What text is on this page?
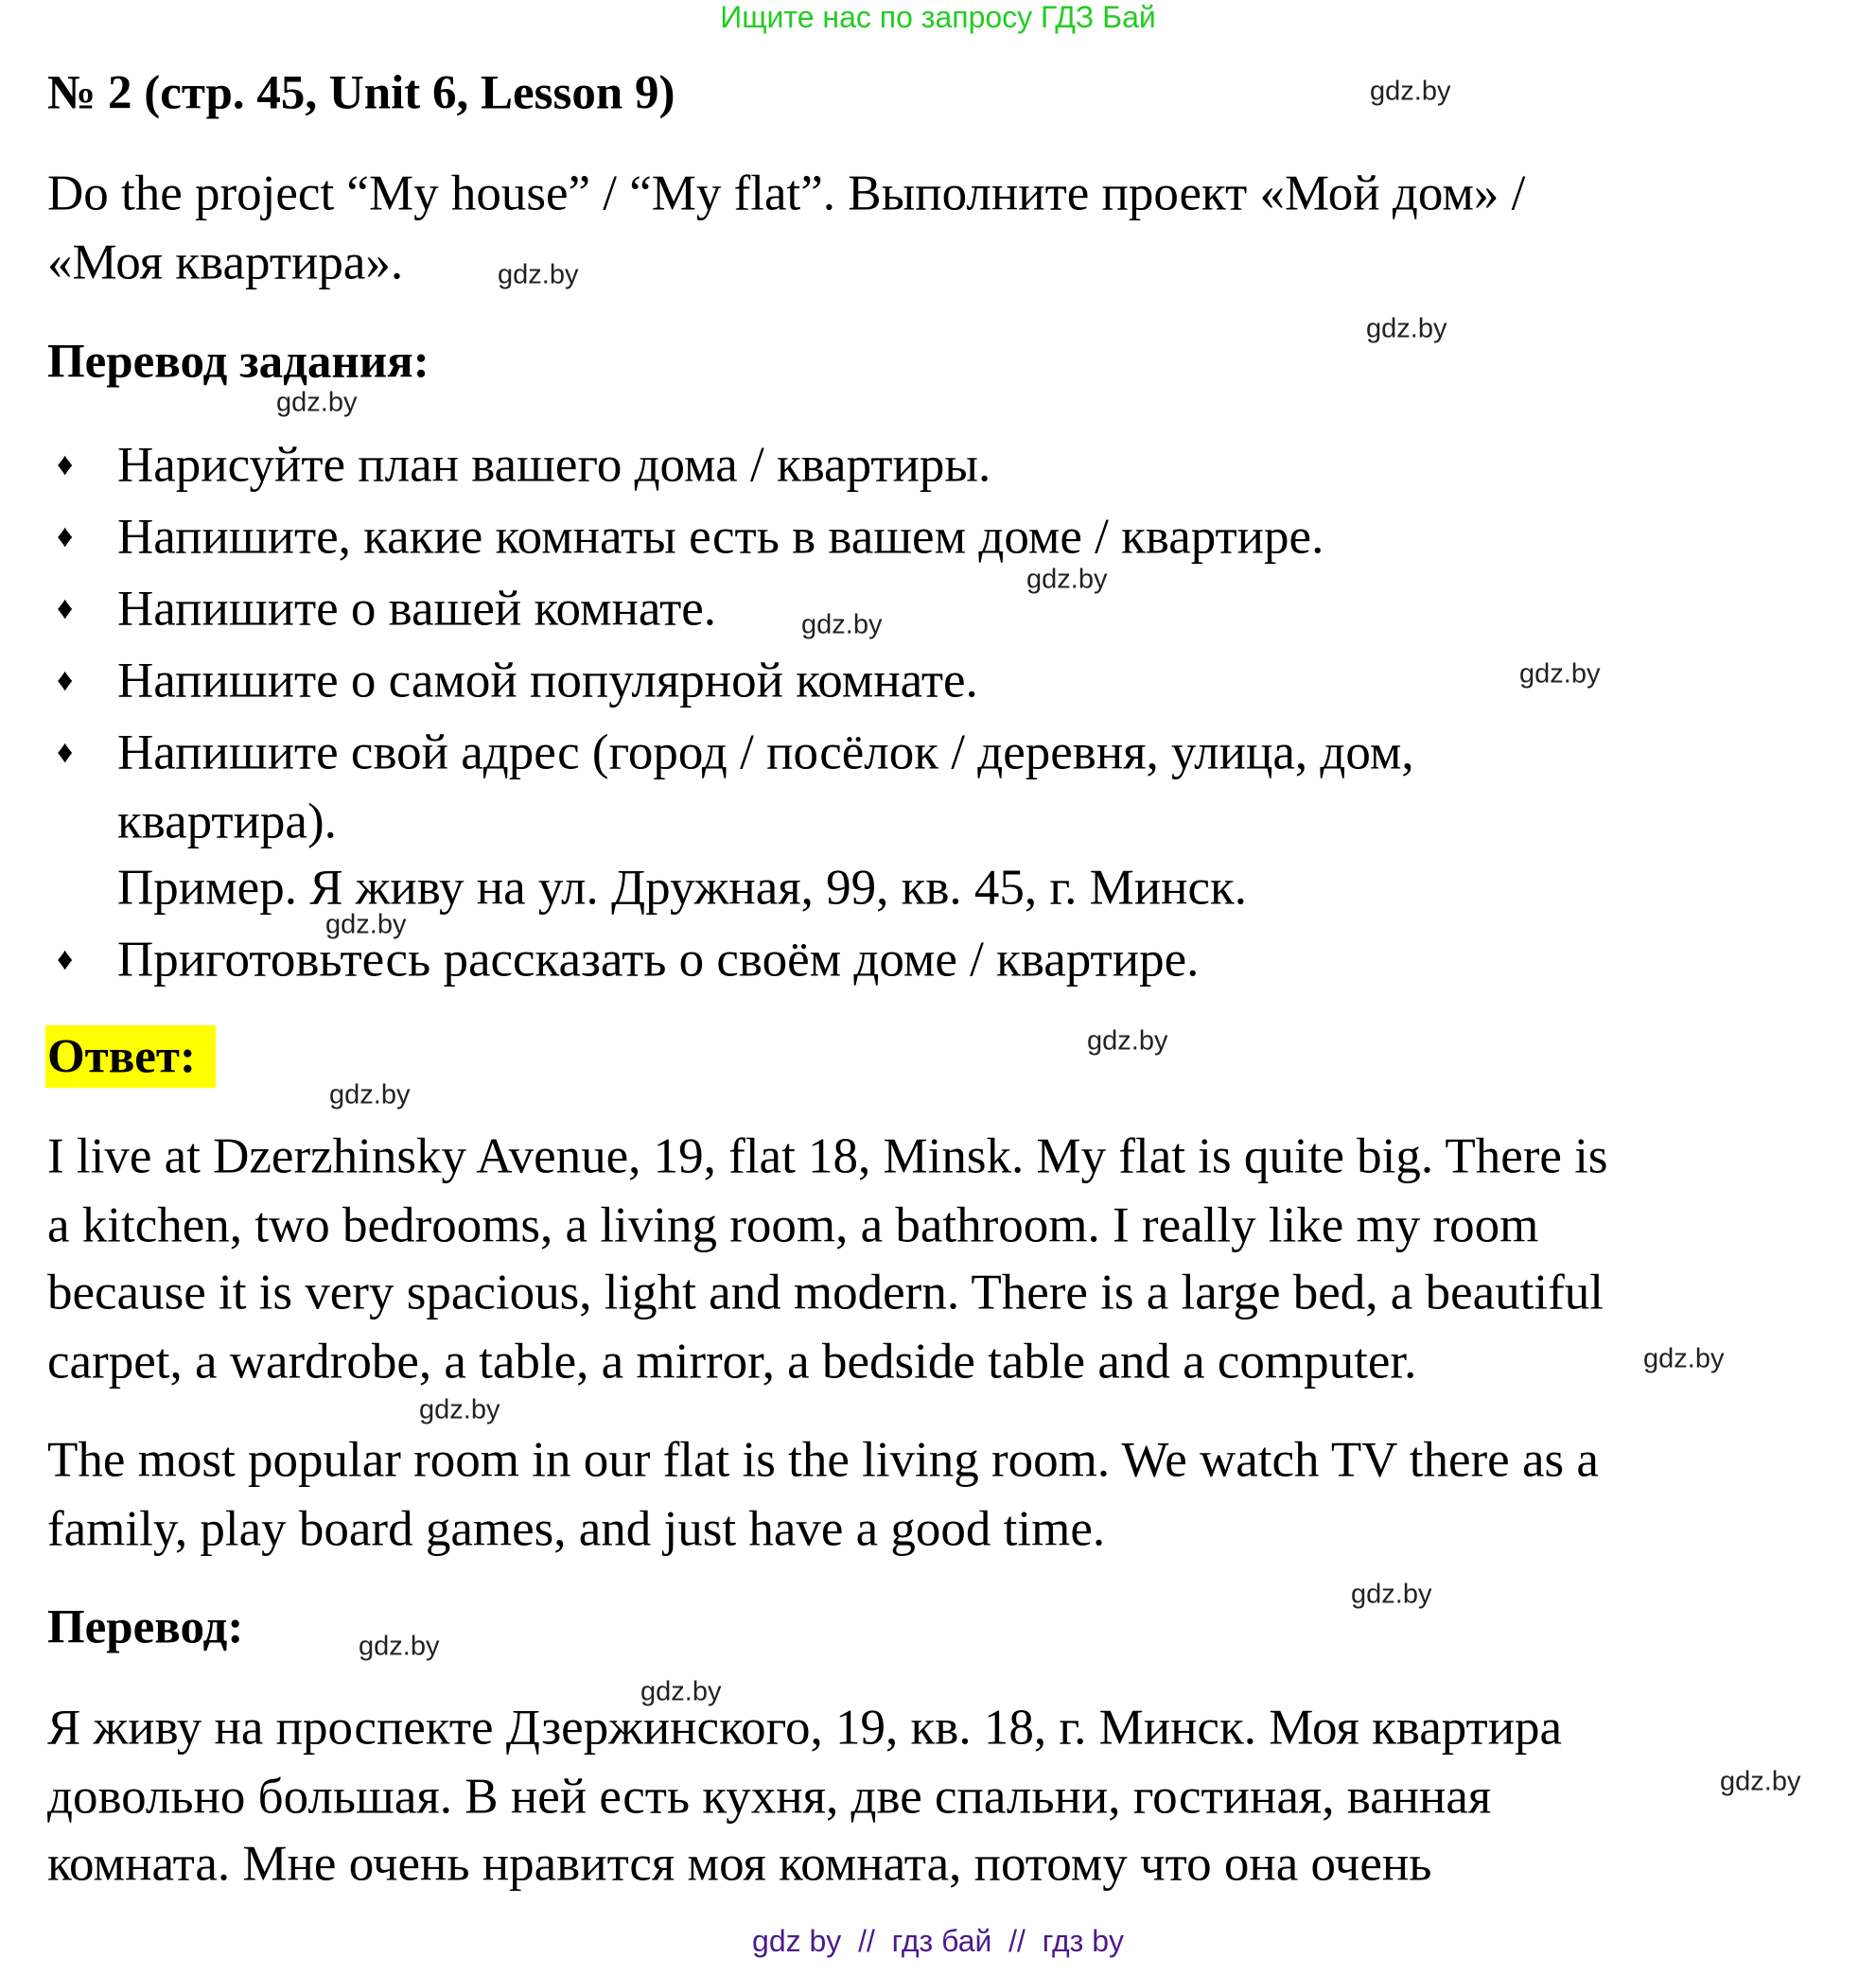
Ищите нас по запросу ГДЗ Бай
№ 2 (стр. 45, Unit 6, Lesson 9)
Do the project “My house” / “My flat”. Выполните проект «Мой дом» /
«Моя квартира».
Перевод задания:
♦ Нарисуйте план вашего дома / квартиры.
♦ Напишите, какие комнаты есть в вашем доме / квартире.
♦ Напишите о вашей комнате.
♦ Напишите о самой популярной комнате.
♦ Напишите свой адрес (город / посёлок / деревня, улица, дом,
квартира).
Пример. Я живу на ул. Дружная, 99, кв. 45, г. Минск.
♦ Приготовьтесь рассказать о своём доме / квартире.
Ответ:
I live at Dzerzhinsky Avenue, 19, flat 18, Minsk. My flat is quite big. There is
a kitchen, two bedrooms, a living room, a bathroom. I really like my room
because it is very spacious, light and modern. There is a large bed, a beautiful
carpet, a wardrobe, a table, a mirror, a bedside table and a computer.
The most popular room in our flat is the living room. We watch TV there as a
family, play board games, and just have a good time.
Перевод:
Я живу на проспекте Дзержинского, 19, кв. 18, г. Минск. Моя квартира
довольно большая. В ней есть кухня, две спальни, гостиная, ванная
комната. Мне очень нравится моя комната, потому что она очень
gdz.by
gdz.by
gdz.by
gdz.by
gdz.by
gdz.by
gdz.by
gdz.by
gdz.by
gdz.by
gdz.by
gdz.by
gdz.by
gdz.by
gdz.by
gdz.by
gdz by  //  гдз бай  //  гдз by
